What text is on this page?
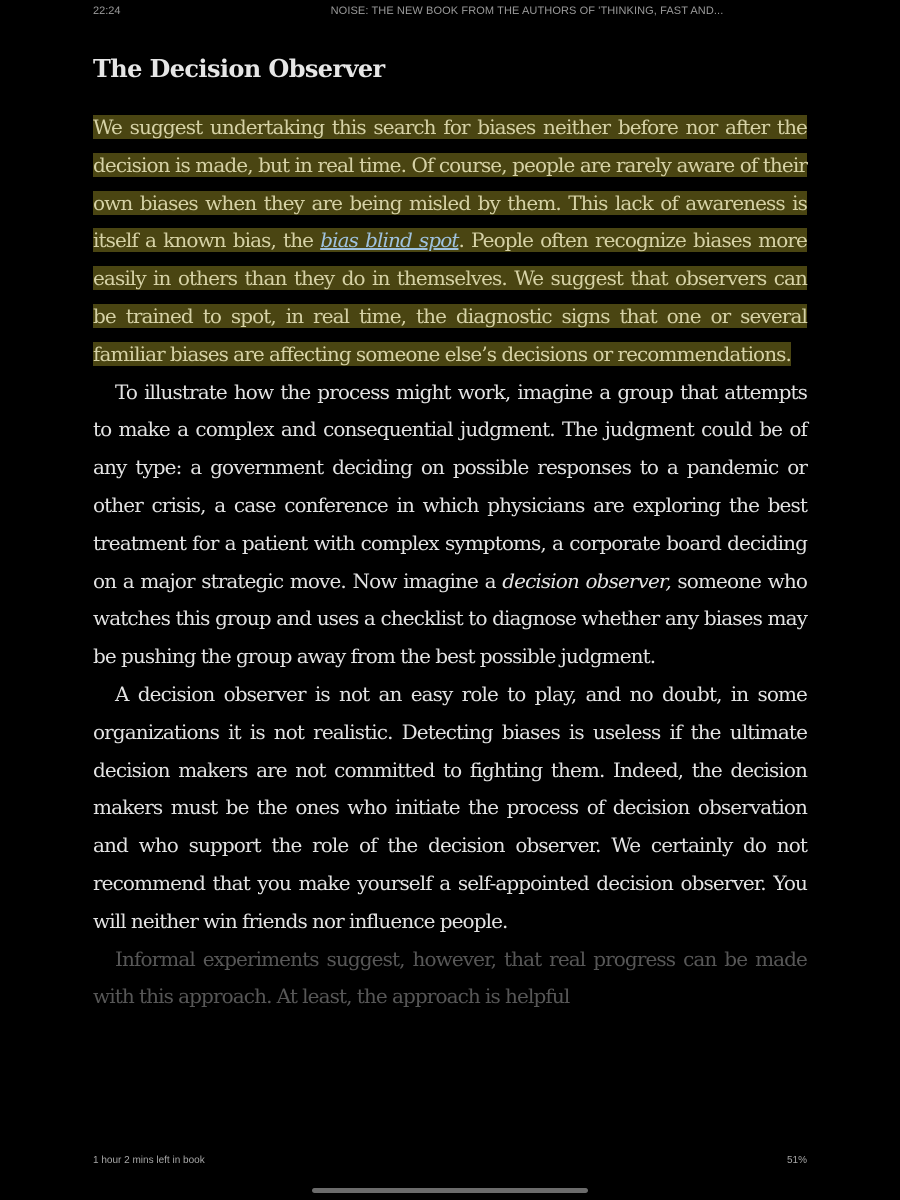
22:24	NOISE: THE NEW BOOK FROM THE AUTHORS OF 'THINKING, FAST AND...
The Decision Observer

We suggest undertaking this search for biases neither before nor after the decision is made, but in real time. Of course, people are rarely aware of their own biases when they are being misled by them. This lack of awareness is itself a known bias, the bias blind spot. People often recognize biases more easily in others than they do in themselves. We suggest that observers can be trained to spot, in real time, the diagnostic signs that one or several familiar biases are affecting someone else’s decisions or recommendations.

To illustrate how the process might work, imagine a group that attempts to make a complex and consequential judgment. The judgment could be of any type: a government deciding on possible responses to a pandemic or other crisis, a case conference in which physicians are exploring the best treatment for a patient with complex symptoms, a corporate board deciding on a major strategic move. Now imagine a decision observer, someone who watches this group and uses a checklist to diagnose whether any biases may be pushing the group away from the best possible judgment.

A decision observer is not an easy role to play, and no doubt, in some organizations it is not realistic. Detecting biases is useless if the ultimate decision makers are not committed to fighting them. Indeed, the decision makers must be the ones who initiate the process of decision observation and who support the role of the decision observer. We certainly do not recommend that you make yourself a self-appointed decision observer. You will neither win friends nor influence people.

Informal experiments suggest, however, that real progress can be made with this approach. At least, the approach is helpful

1 hour 2 mins left in book	51%
